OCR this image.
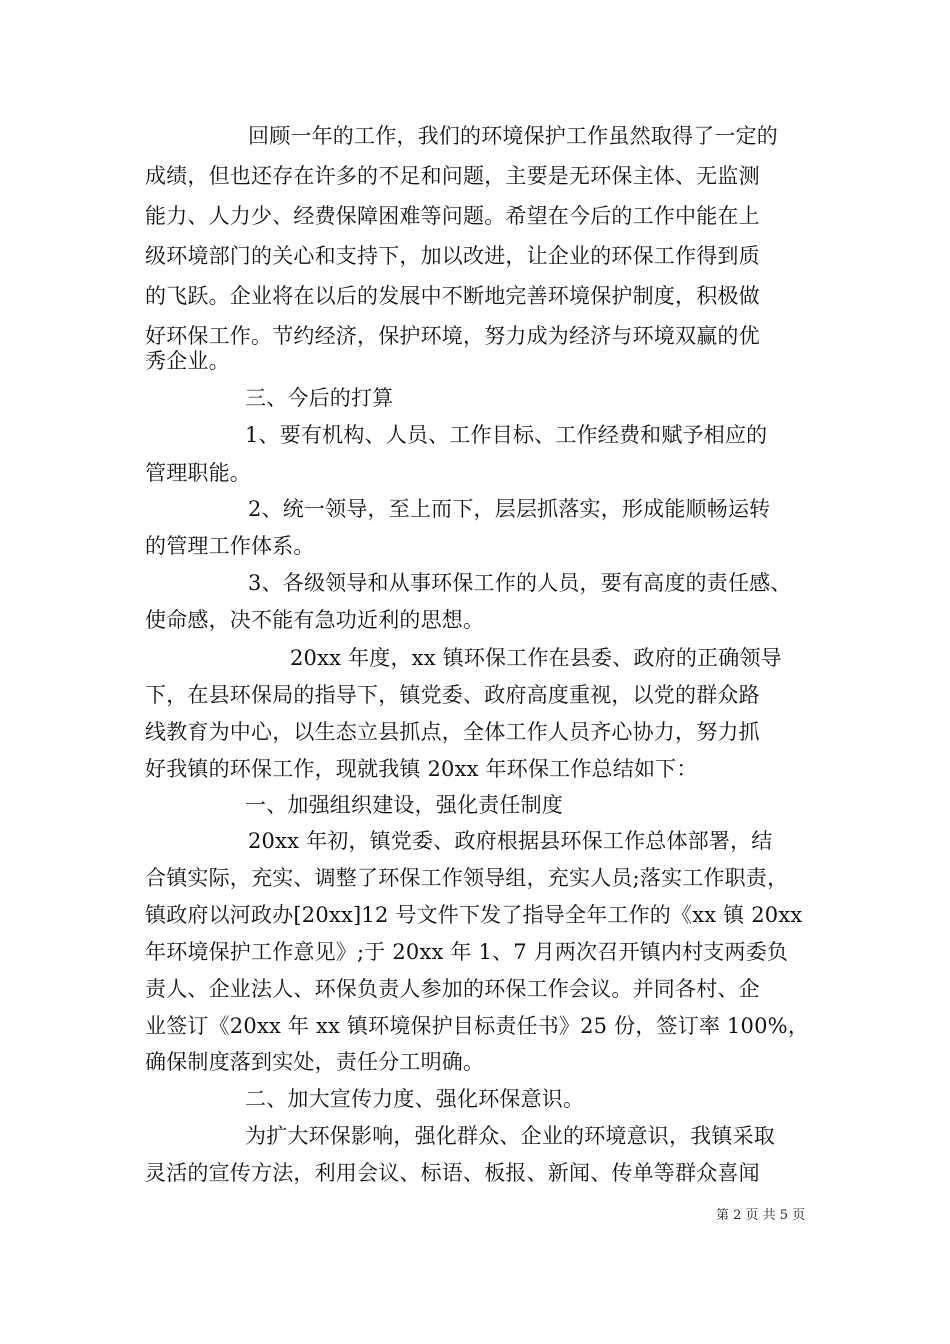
回顾一年的工作，我们的环境保护工作虽然取得了一定的
成绩，但也还存在许多的不足和问题，主要是无环保主体、无监测
能力、人力少、经费保障困难等问题。希望在今后的工作中能在上
级环境部门的关心和支持下，加以改进，让企业的环保工作得到质
的飞跃。企业将在以后的发展中不断地完善环境保护制度，积极做
好环保工作。节约经济，保护环境，努力成为经济与环境双赢的优
秀企业。
三、今后的打算
1、要有机构、人员、工作目标、工作经费和赋予相应的
管理职能。
2、统一领导，至上而下，层层抓落实，形成能顺畅运转
的管理工作体系。
3、各级领导和从事环保工作的人员，要有高度的责任感、
使命感，决不能有急功近利的思想。
20xx 年度，xx 镇环保工作在县委、政府的正确领导
下，在县环保局的指导下，镇党委、政府高度重视，以党的群众路
线教育为中心，以生态立县抓点，全体工作人员齐心协力，努力抓
好我镇的环保工作，现就我镇 20xx 年环保工作总结如下：
一、加强组织建设，强化责任制度
20xx 年初，镇党委、政府根据县环保工作总体部署，结
合镇实际，充实、调整了环保工作领导组，充实人员;落实工作职责，
镇政府以河政办[20xx]12 号文件下发了指导全年工作的《xx 镇 20xx
年环境保护工作意见》;于 20xx 年 1、7 月两次召开镇内村支两委负
责人、企业法人、环保负责人参加的环保工作会议。并同各村、企
业签订《20xx 年 xx 镇环境保护目标责任书》25 份，签订率 100%，
确保制度落到实处，责任分工明确。
二、加大宣传力度、强化环保意识。
为扩大环保影响，强化群众、企业的环境意识，我镇采取
灵活的宣传方法，利用会议、标语、板报、新闻、传单等群众喜闻
第 2 页 共 5 页
